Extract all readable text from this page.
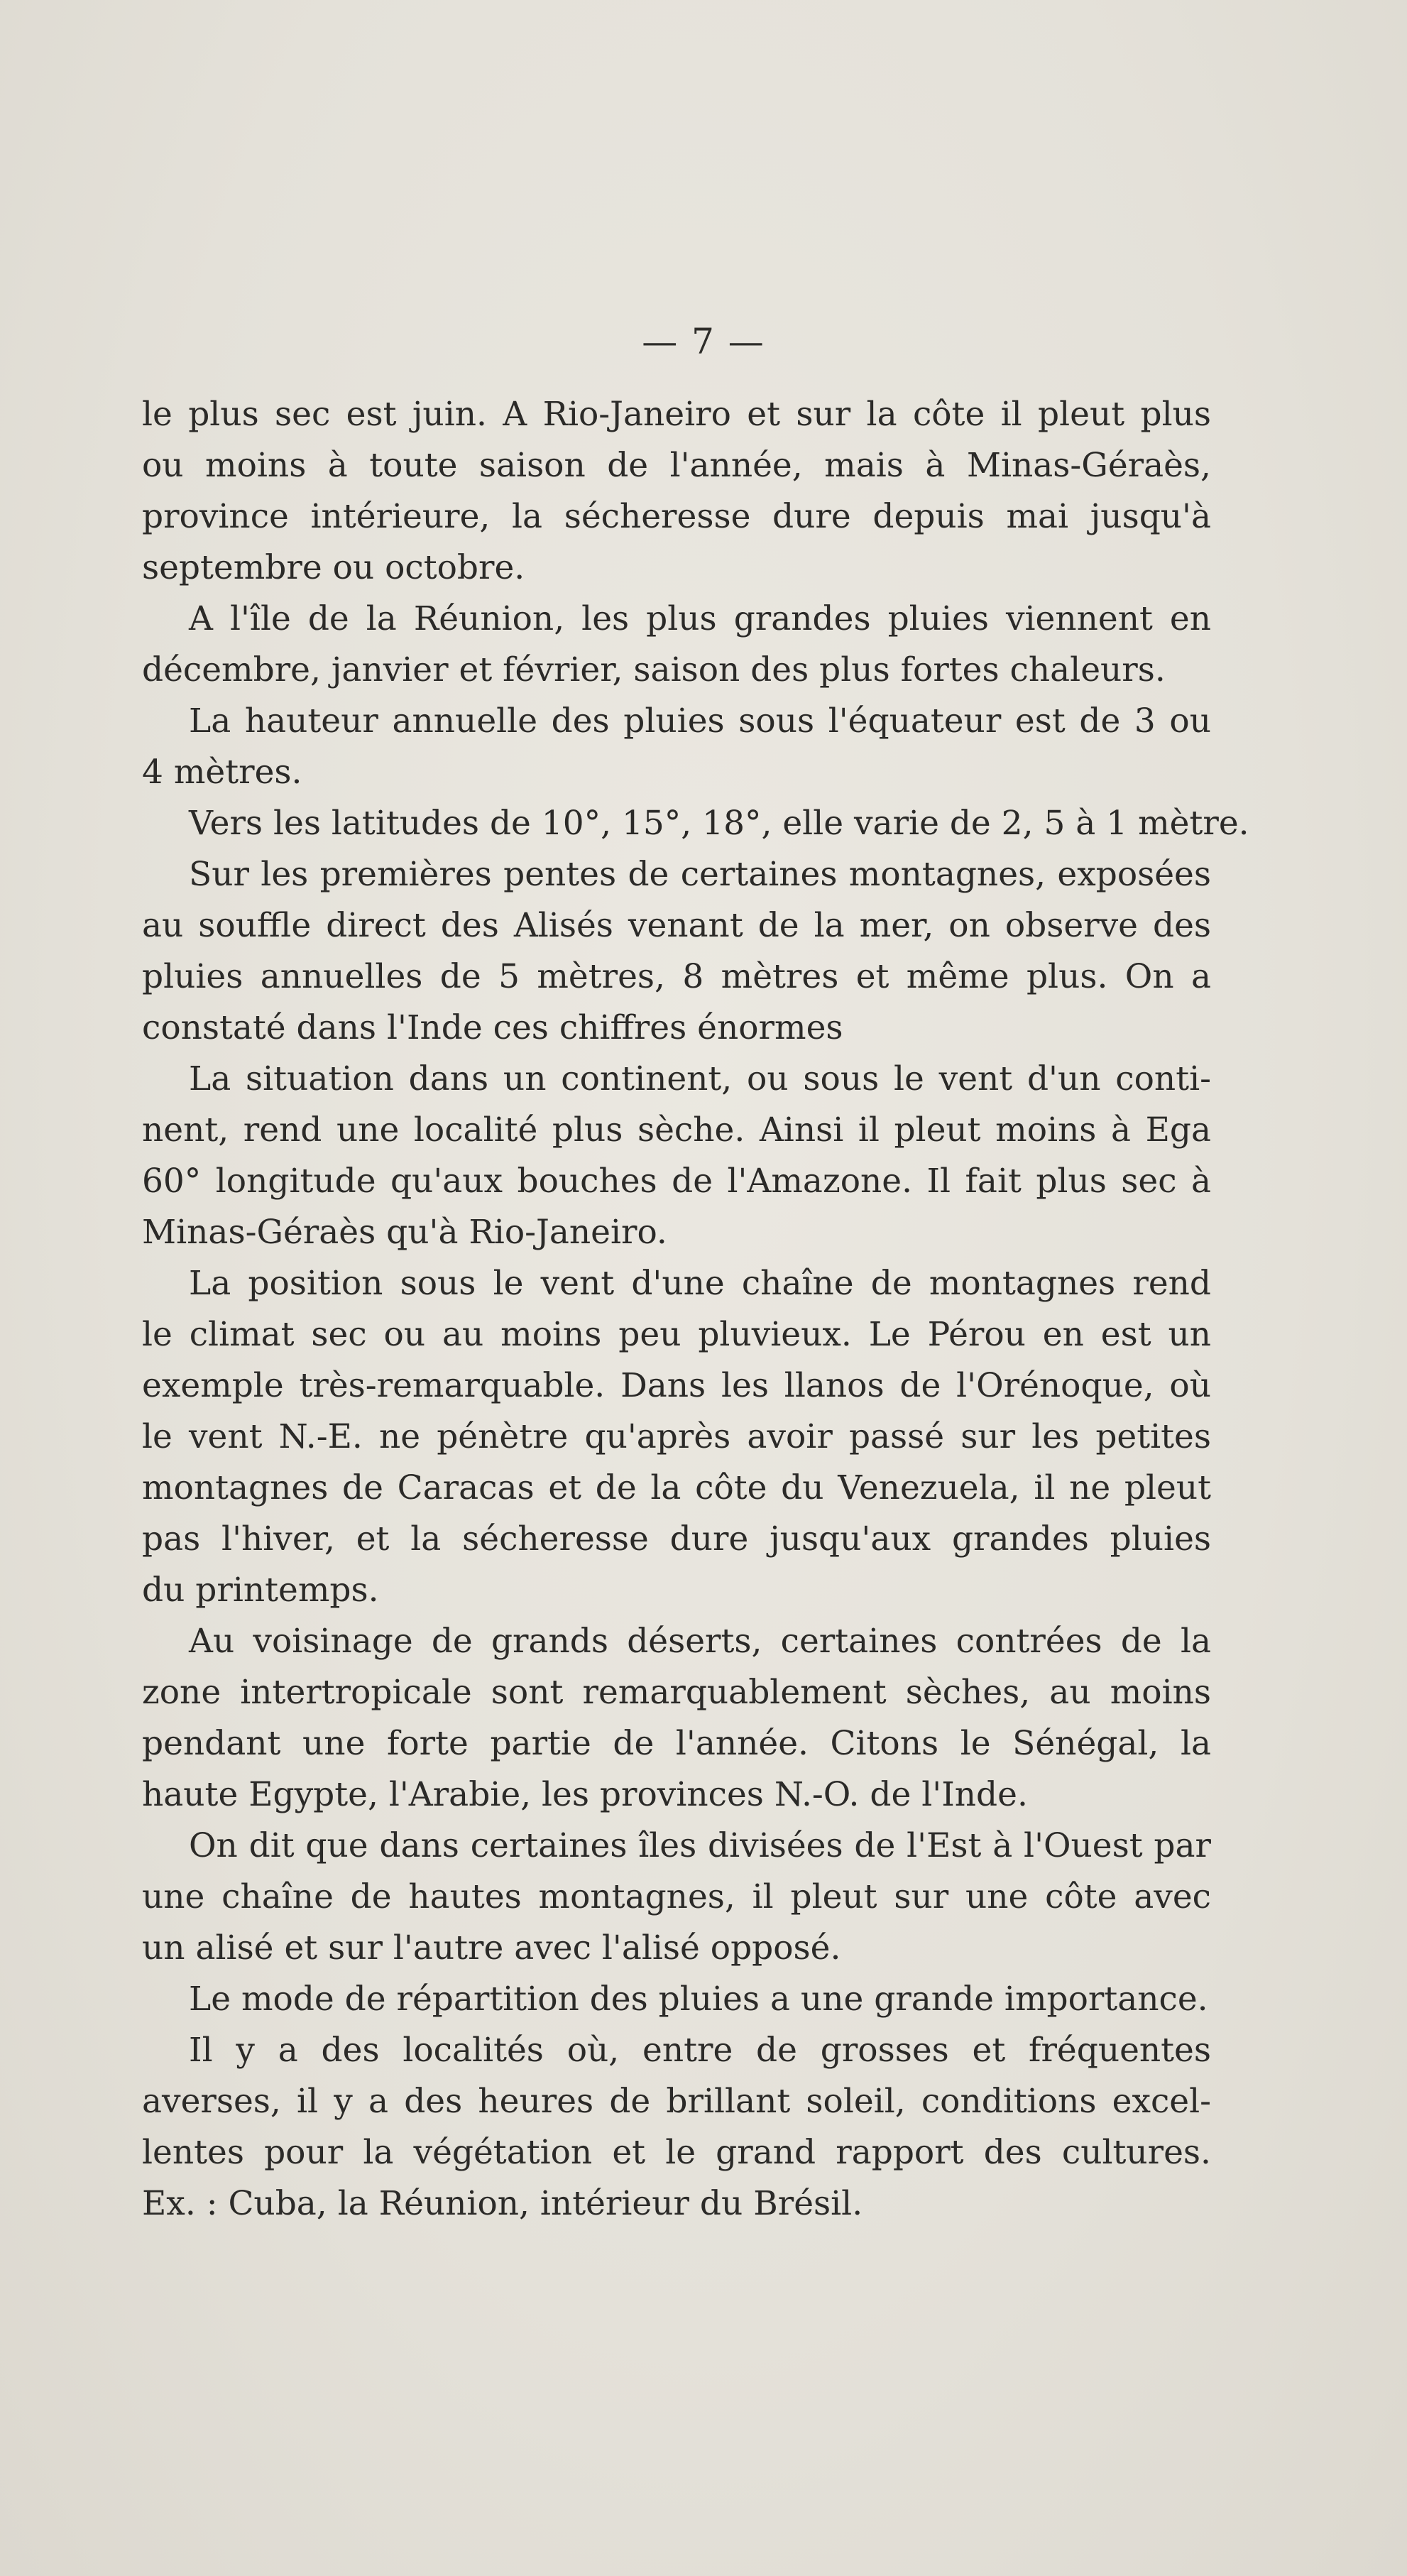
— 7 —
le plus sec est juin. A Rio-Janeiro et sur la côte il pleut plus
ou moins à toute saison de l'année, mais à Minas-Géraès,
province intérieure, la sécheresse dure depuis mai jusqu'à
septembre ou octobre.
A l'île de la Réunion, les plus grandes pluies viennent en
décembre, janvier et février, saison des plus fortes chaleurs.
La hauteur annuelle des pluies sous l'équateur est de 3 ou
4 mètres.
Vers les latitudes de 10°, 15°, 18°, elle varie de 2, 5 à 1 mètre.
Sur les premières pentes de certaines montagnes, exposées
au souffle direct des Alisés venant de la mer, on observe des
pluies annuelles de 5 mètres, 8 mètres et même plus. On a
constaté dans l'Inde ces chiffres énormes
La situation dans un continent, ou sous le vent d'un conti-
nent, rend une localité plus sèche. Ainsi il pleut moins à Ega
60° longitude qu'aux bouches de l'Amazone. Il fait plus sec à
Minas-Géraès qu'à Rio-Janeiro.
La position sous le vent d'une chaîne de montagnes rend
le climat sec ou au moins peu pluvieux. Le Pérou en est un
exemple très-remarquable. Dans les llanos de l'Orénoque, où
le vent N.-E. ne pénètre qu'après avoir passé sur les petites
montagnes de Caracas et de la côte du Venezuela, il ne pleut
pas l'hiver, et la sécheresse dure jusqu'aux grandes pluies
du printemps.
Au voisinage de grands déserts, certaines contrées de la
zone intertropicale sont remarquablement sèches, au moins
pendant une forte partie de l'année. Citons le Sénégal, la
haute Egypte, l'Arabie, les provinces N.-O. de l'Inde.
On dit que dans certaines îles divisées de l'Est à l'Ouest par
une chaîne de hautes montagnes, il pleut sur une côte avec
un alisé et sur l'autre avec l'alisé opposé.
Le mode de répartition des pluies a une grande importance.
Il y a des localités où, entre de grosses et fréquentes
averses, il y a des heures de brillant soleil, conditions excel-
lentes pour la végétation et le grand rapport des cultures.
Ex. : Cuba, la Réunion, intérieur du Brésil.
